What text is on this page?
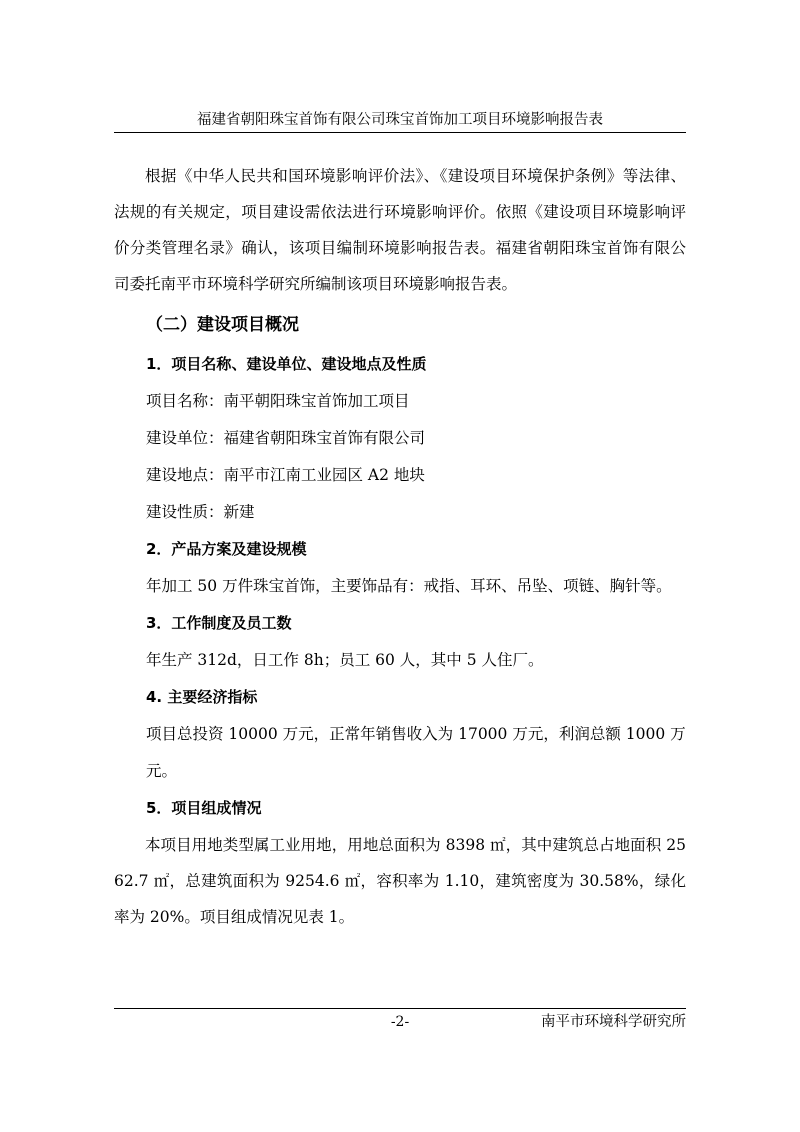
福建省朝阳珠宝首饰有限公司珠宝首饰加工项目环境影响报告表

根据《中华人民共和国环境影响评价法》、《建设项目环境保护条例》等法律、法规的有关规定，项目建设需依法进行环境影响评价。依照《建设项目环境影响评价分类管理名录》确认，该项目编制环境影响报告表。福建省朝阳珠宝首饰有限公司委托南平市环境科学研究所编制该项目环境影响报告表。

（二）建设项目概况
1．项目名称、建设单位、建设地点及性质

项目名称：南平朝阳珠宝首饰加工项目

建设单位：福建省朝阳珠宝首饰有限公司

建设地点：南平市江南工业园区 A2 地块

建设性质：新建

2．产品方案及建设规模

年加工 50 万件珠宝首饰，主要饰品有：戒指、耳环、吊坠、项链、胸针等。

3．工作制度及员工数

年生产 312d，日工作 8h；员工 60 人，其中 5 人住厂。

4. 主要经济指标

项目总投资 10000 万元，正常年销售收入为 17000 万元，利润总额 1000 万元。

5．项目组成情况

本项目用地类型属工业用地，用地总面积为 8398 ㎡，其中建筑总占地面积 2562.7 ㎡，总建筑面积为 9254.6 ㎡，容积率为 1.10，建筑密度为 30.58%，绿化率为 20%。项目组成情况见表 1。

-2-	南平市环境科学研究所
